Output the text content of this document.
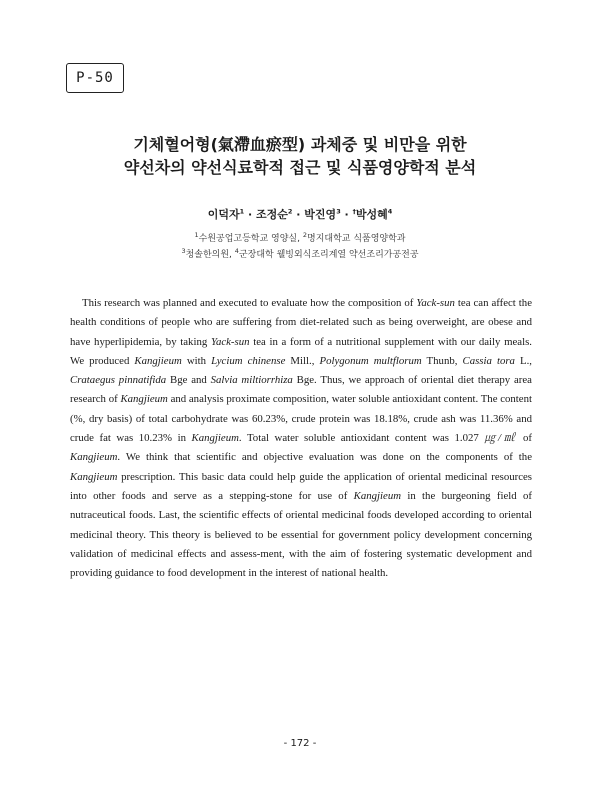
P-50
기체혈어형(氣滯血瘀型) 과체중 및 비만을 위한
약선차의 약선식료학적 접근 및 식품영양학적 분석
이덕자$^1$ · 조정순$^2$ · 박진영$^3$ · †박성혜$^4$
$^1$수원공업고등학교 영양실, $^2$명지대학교 식품영양학과
$^3$청솔한의원, $^4$군장대학 웰빙외식조리계열 약선조리가공전공

This research was planned and executed to evaluate how the composition of Yack-sun tea can affect the health conditions of people who are suffering from diet-related such as being overweight, are obese and have hyperlipidemia, by taking Yack-sun tea in a form of a nutritional supplement with our daily meals. We produced Kangjieum with Lycium chinense Mill., Polygonum multflorum Thunb, Cassia tora L., Crataegus pinnatifida Bge and Salvia miltiorrhiza Bge. Thus, we approach of oriental diet therapy area research of Kangjieum and analysis proximate composition, water soluble antioxidant content. The content (%, dry basis) of total carbohydrate was 60.23%, crude protein was 18.18%, crude ash was 11.36% and crude fat was 10.23% in Kangjieum. Total water soluble antioxidant content was 1.027 ㎍/㎖ of Kangjieum. We think that scientific and objective evaluation was done on the components of the Kangjieum prescription. This basic data could help guide the application of oriental medicinal resources into other foods and serve as a stepping-stone for use of Kangjieum in the burgeoning field of nutraceutical foods. Last, the scientific effects of oriental medicinal foods developed according to oriental medicinal theory. This theory is believed to be essential for government policy development concerning validation of medicinal effects and assess-ment, with the aim of fostering systematic development and providing guidance to food development in the interest of national health.

- 172 -
